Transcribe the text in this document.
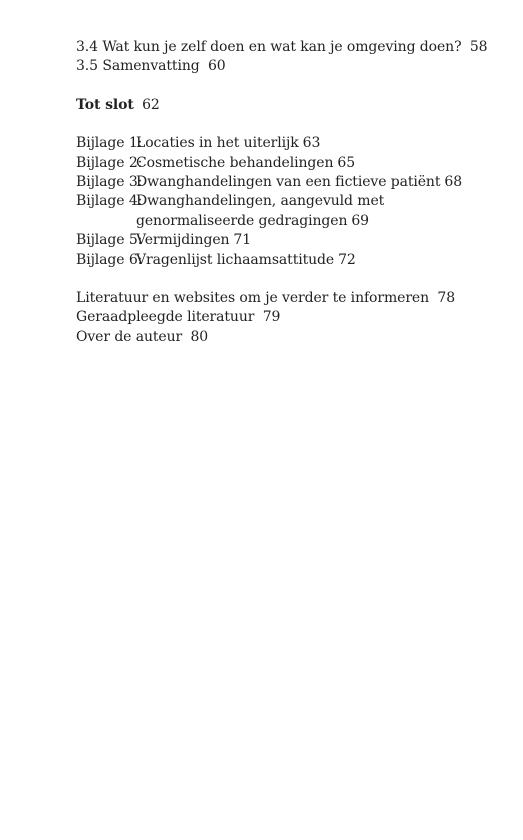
3.4 Wat kun je zelf doen en wat kan je omgeving doen? 58
3.5 Samenvatting 60
Tot slot 62
Bijlage 1:
Locaties in het uiterlijk 63
Bijlage 2:
Cosmetische behandelingen 65
Bijlage 3:
Dwanghandelingen van een fictieve patiënt 68
Bijlage 4:
Dwanghandelingen, aangevuld met genormaliseerde gedragingen 69
Bijlage 5:
Vermijdingen 71
Bijlage 6:
Vragenlijst lichaamsattitude 72
Literatuur en websites om je verder te informeren 78
Geraadpleegde literatuur 79
Over de auteur 80
